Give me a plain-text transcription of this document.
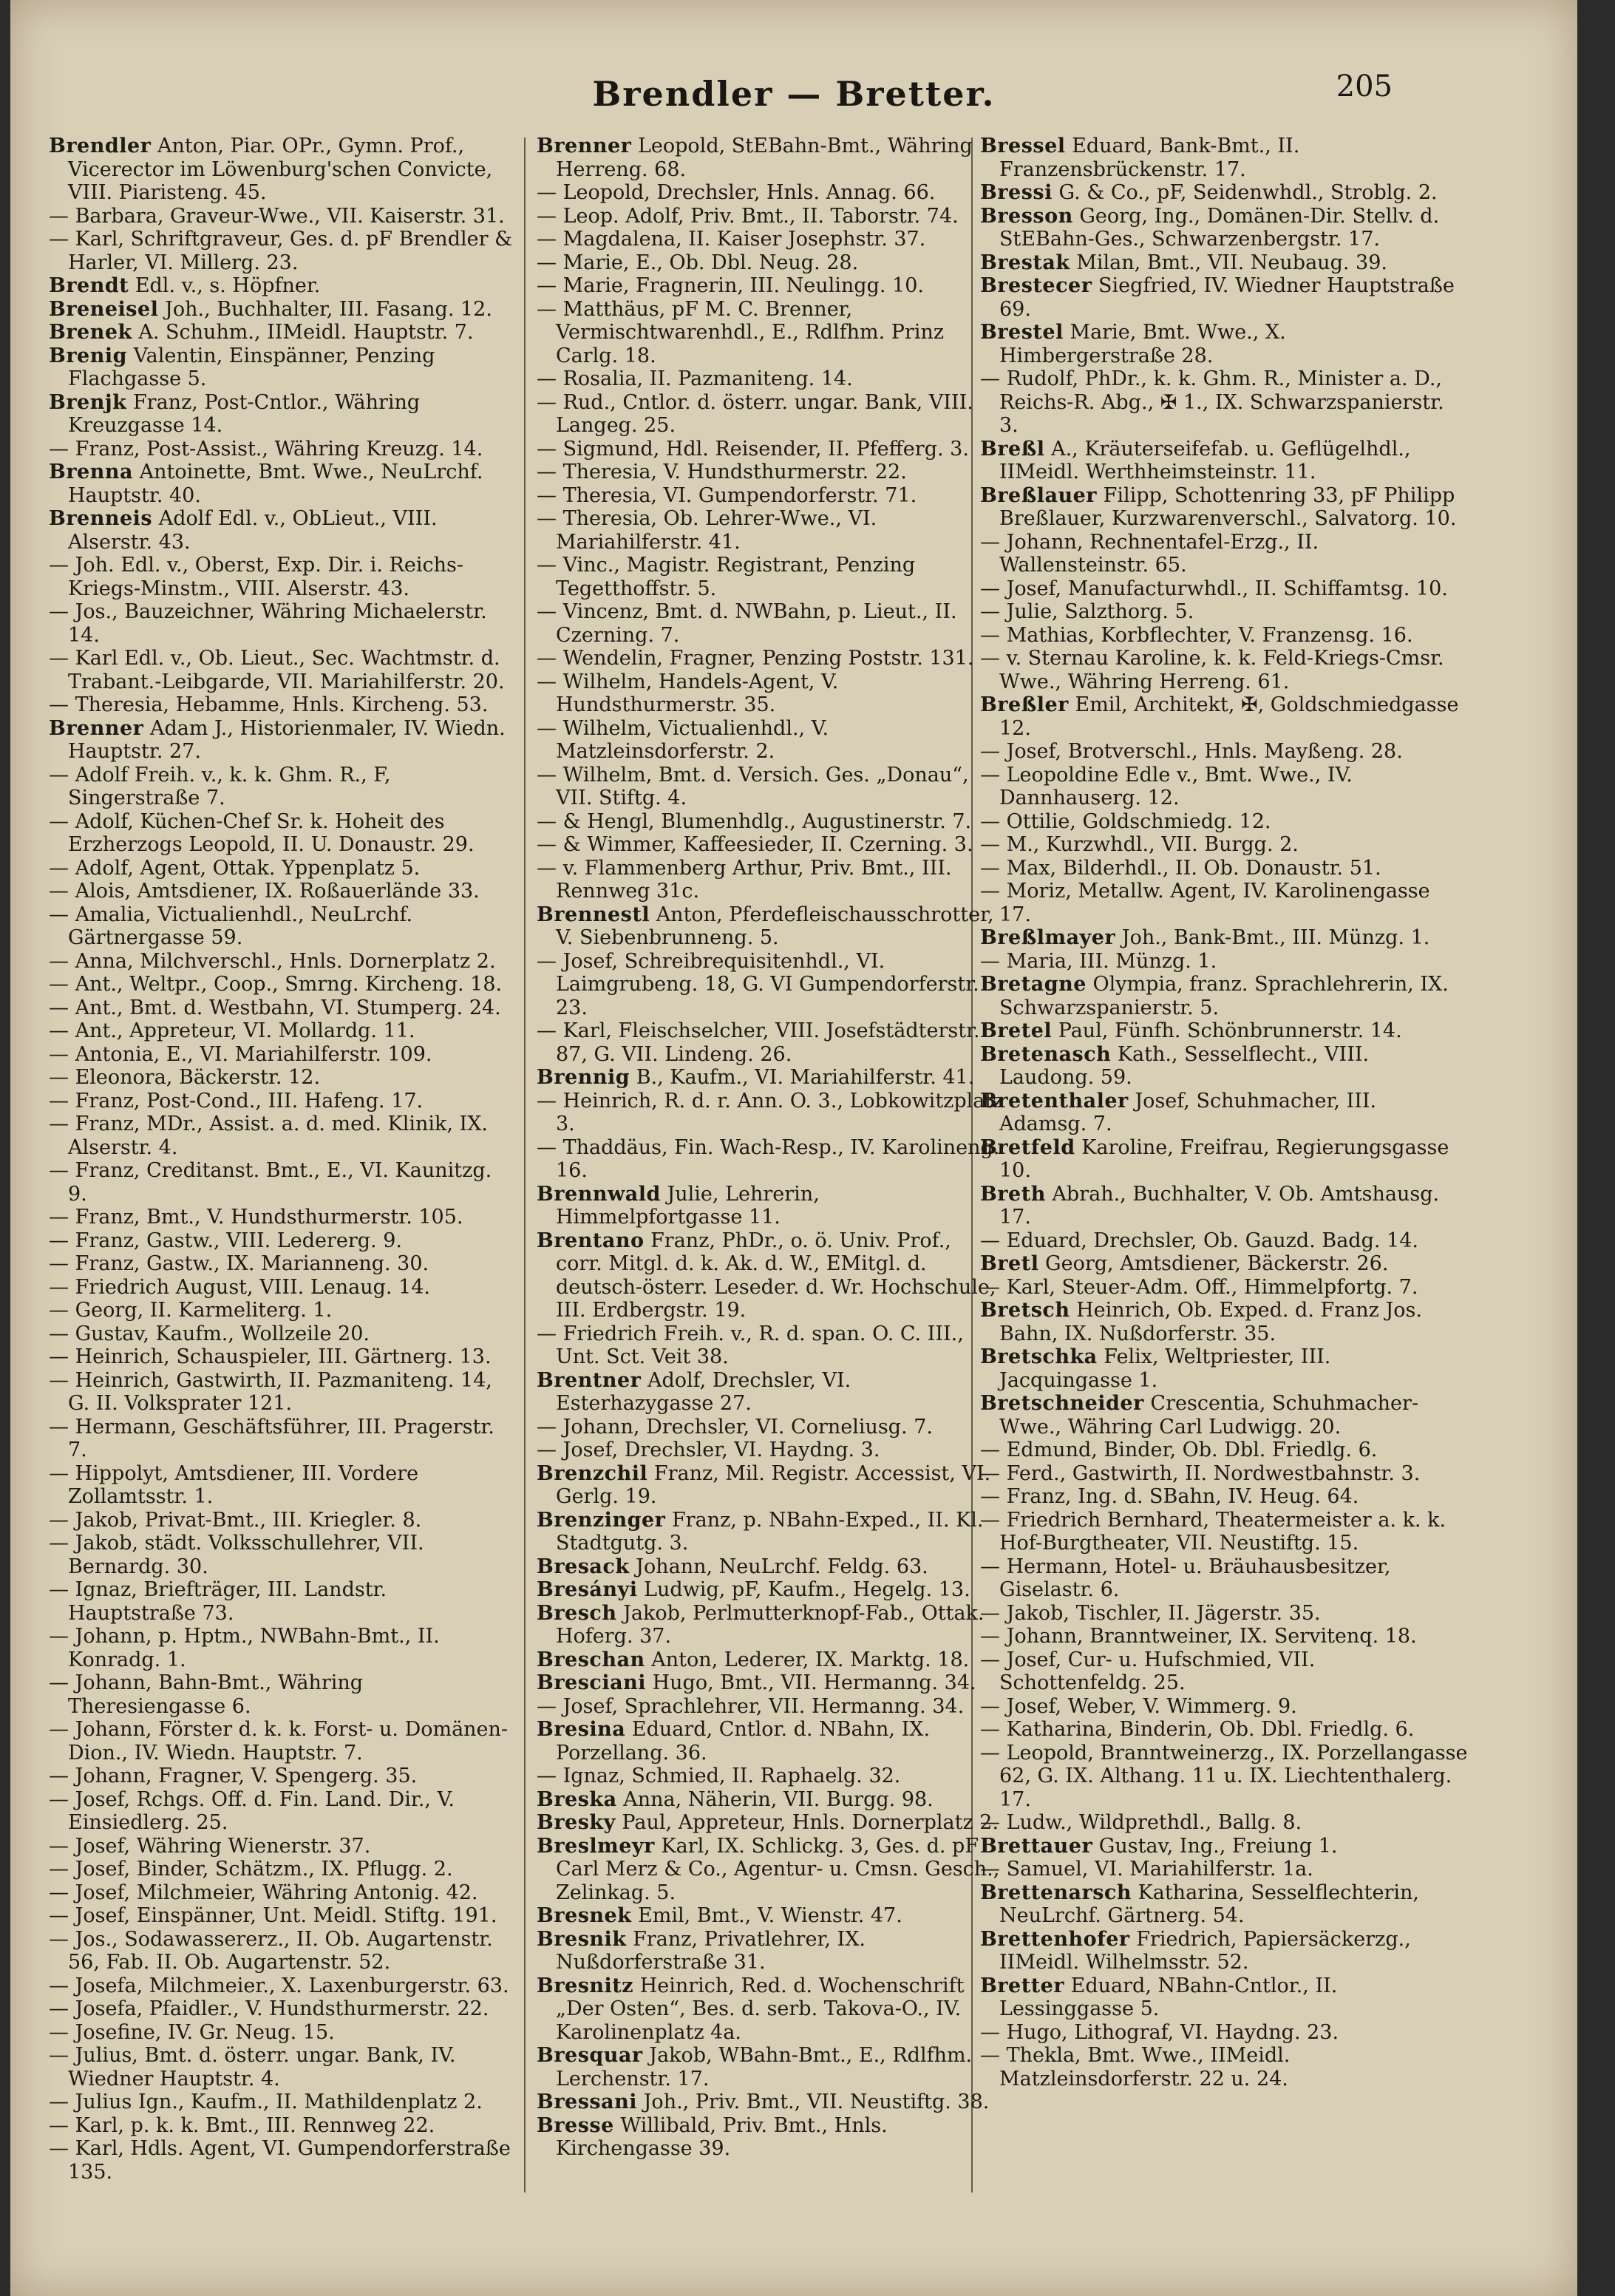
Brendler — Bretter.	205
Brendler Anton, Piar. OPr., Gymn. Prof., Vicerector im Löwenburg'schen Convicte, VIII. Piaristeng. 45.
— Barbara, Graveur-Wwe., VII. Kaiserstr. 31.
— Karl, Schriftgraveur, Ges. d. pF Brendler & Harler, VI. Millerg. 23.
Brendt Edl. v., s. Höpfner.
Breneisel Joh., Buchhalter, III. Fasang. 12.
Brenek A. Schuhm., IIMeidl. Hauptstr. 7.
Brenig Valentin, Einspänner, Penzing Flachgasse 5.
Brenjk Franz, Post-Cntlor., Währing Kreuzgasse 14.
— Franz, Post-Assist., Währing Kreuzg. 14.
Brenna Antoinette, Bmt. Wwe., NeuLrchf. Hauptstr. 40.
Brenneis Adolf Edl. v., ObLieut., VIII. Alserstr. 43.
— Joh. Edl. v., Oberst, Exp. Dir. i. Reichs-Kriegs-Minstm., VIII. Alserstr. 43.
— Jos., Bauzeichner, Währing Michaelerstr. 14.
— Karl Edl. v., Ob. Lieut., Sec. Wachtmstr. d. Trabant.-Leibgarde, VII. Mariahilferstr. 20.
— Theresia, Hebamme, Hnls. Kircheng. 53.
Brenner Adam J., Historienmaler, IV. Wiedn. Hauptstr. 27.
— Adolf Freih. v., k. k. Ghm. R., F, Singerstraße 7.
— Adolf, Küchen-Chef Sr. k. Hoheit des Erzherzogs Leopold, II. U. Donaustr. 29.
— Adolf, Agent, Ottak. Yppenplatz 5.
— Alois, Amtsdiener, IX. Roßauerlände 33.
— Amalia, Victualienhdl., NeuLrchf. Gärtnergasse 59.
— Anna, Milchverschl., Hnls. Dornerplatz 2.
— Ant., Weltpr., Coop., Smrng. Kircheng. 18.
— Ant., Bmt. d. Westbahn, VI. Stumperg. 24.
— Ant., Appreteur, VI. Mollardg. 11.
— Antonia, E., VI. Mariahilferstr. 109.
— Eleonora, Bäckerstr. 12.
— Franz, Post-Cond., III. Hafeng. 17.
— Franz, MDr., Assist. a. d. med. Klinik, IX. Alserstr. 4.
— Franz, Creditanst. Bmt., E., VI. Kaunitzg. 9.
— Franz, Bmt., V. Hundsthurmerstr. 105.
— Franz, Gastw., VIII. Ledererg. 9.
— Franz, Gastw., IX. Marianneng. 30.
— Friedrich August, VIII. Lenaug. 14.
— Georg, II. Karmeliterg. 1.
— Gustav, Kaufm., Wollzeile 20.
— Heinrich, Schauspieler, III. Gärtnerg. 13.
— Heinrich, Gastwirth, II. Pazmaniteng. 14, G. II. Volksprater 121.
— Hermann, Geschäftsführer, III. Pragerstr. 7.
— Hippolyt, Amtsdiener, III. Vordere Zollamtsstr. 1.
— Jakob, Privat-Bmt., III. Kriegler. 8.
— Jakob, städt. Volksschullehrer, VII. Bernardg. 30.
— Ignaz, Briefträger, III. Landstr. Hauptstraße 73.
— Johann, p. Hptm., NWBahn-Bmt., II. Konradg. 1.
— Johann, Bahn-Bmt., Währing Theresiengasse 6.
— Johann, Förster d. k. k. Forst- u. Domänen-Dion., IV. Wiedn. Hauptstr. 7.
— Johann, Fragner, V. Spengerg. 35.
— Josef, Rchgs. Off. d. Fin. Land. Dir., V. Einsiedlerg. 25.
— Josef, Währing Wienerstr. 37.
— Josef, Binder, Schätzm., IX. Pflugg. 2.
— Josef, Milchmeier, Währing Antonig. 42.
— Josef, Einspänner, Unt. Meidl. Stiftg. 191.
— Jos., Sodawassererz., II. Ob. Augartenstr. 56, Fab. II. Ob. Augartenstr. 52.
— Josefa, Milchmeier., X. Laxenburgerstr. 63.
— Josefa, Pfaidler., V. Hundsthurmerstr. 22.
— Josefine, IV. Gr. Neug. 15.
— Julius, Bmt. d. österr. ungar. Bank, IV. Wiedner Hauptstr. 4.
— Julius Ign., Kaufm., II. Mathildenplatz 2.
— Karl, p. k. k. Bmt., III. Rennweg 22.
— Karl, Hdls. Agent, VI. Gumpendorferstraße 135.
Brenner Leopold, StEBahn-Bmt., Währing Herreng. 68.
— Leopold, Drechsler, Hnls. Annag. 66.
— Leop. Adolf, Priv. Bmt., II. Taborstr. 74.
— Magdalena, II. Kaiser Josephstr. 37.
— Marie, E., Ob. Dbl. Neug. 28.
— Marie, Fragnerin, III. Neulingg. 10.
— Matthäus, pF M. C. Brenner, Vermischtwarenhdl., E., Rdlfhm. Prinz Carlg. 18.
— Rosalia, II. Pazmaniteng. 14.
— Rud., Cntlor. d. österr. ungar. Bank, VIII. Langeg. 25.
— Sigmund, Hdl. Reisender, II. Pfefferg. 3.
— Theresia, V. Hundsthurmerstr. 22.
— Theresia, VI. Gumpendorferstr. 71.
— Theresia, Ob. Lehrer-Wwe., VI. Mariahilferstr. 41.
— Vinc., Magistr. Registrant, Penzing Tegetthoffstr. 5.
— Vincenz, Bmt. d. NWBahn, p. Lieut., II. Czerning. 7.
— Wendelin, Fragner, Penzing Poststr. 131.
— Wilhelm, Handels-Agent, V. Hundsthurmerstr. 35.
— Wilhelm, Victualienhdl., V. Matzleinsdorferstr. 2.
— Wilhelm, Bmt. d. Versich. Ges. „Donau“, VII. Stiftg. 4.
— & Hengl, Blumenhdlg., Augustinerstr. 7.
— & Wimmer, Kaffeesieder, II. Czerning. 3.
— v. Flammenberg Arthur, Priv. Bmt., III. Rennweg 31c.
Brennestl Anton, Pferdefleischausschrotter, V. Siebenbrunneng. 5.
— Josef, Schreibrequisitenhdl., VI. Laimgrubeng. 18, G. VI Gumpendorferstr. 23.
— Karl, Fleischselcher, VIII. Josefstädterstr. 87, G. VII. Lindeng. 26.
Brennig B., Kaufm., VI. Mariahilferstr. 41.
— Heinrich, R. d. r. Ann. O. 3., Lobkowitzplatz 3.
— Thaddäus, Fin. Wach-Resp., IV. Karolineng. 16.
Brennwald Julie, Lehrerin, Himmelpfortgasse 11.
Brentano Franz, PhDr., o. ö. Univ. Prof., corr. Mitgl. d. k. Ak. d. W., EMitgl. d. deutsch-österr. Leseder. d. Wr. Hochschule, III. Erdbergstr. 19.
— Friedrich Freih. v., R. d. span. O. C. III., Unt. Sct. Veit 38.
Brentner Adolf, Drechsler, VI. Esterhazygasse 27.
— Johann, Drechsler, VI. Corneliusg. 7.
— Josef, Drechsler, VI. Haydng. 3.
Brenzchil Franz, Mil. Registr. Accessist, VI. Gerlg. 19.
Brenzinger Franz, p. NBahn-Exped., II. Kl. Stadtgutg. 3.
Bresack Johann, NeuLrchf. Feldg. 63.
Bresányi Ludwig, pF, Kaufm., Hegelg. 13.
Bresch Jakob, Perlmutterknopf-Fab., Ottak. Hoferg. 37.
Breschan Anton, Lederer, IX. Marktg. 18.
Bresciani Hugo, Bmt., VII. Hermanng. 34.
— Josef, Sprachlehrer, VII. Hermanng. 34.
Bresina Eduard, Cntlor. d. NBahn, IX. Porzellang. 36.
— Ignaz, Schmied, II. Raphaelg. 32.
Breska Anna, Näherin, VII. Burgg. 98.
Bresky Paul, Appreteur, Hnls. Dornerplatz 2.
Breslmeyr Karl, IX. Schlickg. 3, Ges. d. pF Carl Merz & Co., Agentur- u. Cmsn. Gesch., Zelinkag. 5.
Bresnek Emil, Bmt., V. Wienstr. 47.
Bresnik Franz, Privatlehrer, IX. Nußdorferstraße 31.
Bresnitz Heinrich, Red. d. Wochenschrift „Der Osten“, Bes. d. serb. Takova-O., IV. Karolinenplatz 4a.
Bresquar Jakob, WBahn-Bmt., E., Rdlfhm. Lerchenstr. 17.
Bressani Joh., Priv. Bmt., VII. Neustiftg. 38.
Bresse Willibald, Priv. Bmt., Hnls. Kirchengasse 39.
Bressel Eduard, Bank-Bmt., II. Franzensbrückenstr. 17.
Bressi G. & Co., pF, Seidenwhdl., Stroblg. 2.
Bresson Georg, Ing., Domänen-Dir. Stellv. d. StEBahn-Ges., Schwarzenbergstr. 17.
Brestak Milan, Bmt., VII. Neubaug. 39.
Brestecer Siegfried, IV. Wiedner Hauptstraße 69.
Brestel Marie, Bmt. Wwe., X. Himbergerstraße 28.
— Rudolf, PhDr., k. k. Ghm. R., Minister a. D., Reichs-R. Abg., ✠ 1., IX. Schwarzspanierstr. 3.
Breßl A., Kräuterseifefab. u. Geflügelhdl., IIMeidl. Werthheimsteinstr. 11.
Breßlauer Filipp, Schottenring 33, pF Philipp Breßlauer, Kurzwarenverschl., Salvatorg. 10.
— Johann, Rechnentafel-Erzg., II. Wallensteinstr. 65.
— Josef, Manufacturwhdl., II. Schiffamtsg. 10.
— Julie, Salzthorg. 5.
— Mathias, Korbflechter, V. Franzensg. 16.
— v. Sternau Karoline, k. k. Feld-Kriegs-Cmsr. Wwe., Währing Herreng. 61.
Breßler Emil, Architekt, ✠, Goldschmiedgasse 12.
— Josef, Brotverschl., Hnls. Mayßeng. 28.
— Leopoldine Edle v., Bmt. Wwe., IV. Dannhauserg. 12.
— Ottilie, Goldschmiedg. 12.
— M., Kurzwhdl., VII. Burgg. 2.
— Max, Bilderhdl., II. Ob. Donaustr. 51.
— Moriz, Metallw. Agent, IV. Karolinengasse 17.
Breßlmayer Joh., Bank-Bmt., III. Münzg. 1.
— Maria, III. Münzg. 1.
Bretagne Olympia, franz. Sprachlehrerin, IX. Schwarzspanierstr. 5.
Bretel Paul, Fünfh. Schönbrunnerstr. 14.
Bretenasch Kath., Sesselflecht., VIII. Laudong. 59.
Bretenthaler Josef, Schuhmacher, III. Adamsg. 7.
Bretfeld Karoline, Freifrau, Regierungsgasse 10.
Breth Abrah., Buchhalter, V. Ob. Amtshausg. 17.
— Eduard, Drechsler, Ob. Gauzd. Badg. 14.
Bretl Georg, Amtsdiener, Bäckerstr. 26.
— Karl, Steuer-Adm. Off., Himmelpfortg. 7.
Bretsch Heinrich, Ob. Exped. d. Franz Jos. Bahn, IX. Nußdorferstr. 35.
Bretschka Felix, Weltpriester, III. Jacquingasse 1.
Bretschneider Crescentia, Schuhmacher-Wwe., Währing Carl Ludwigg. 20.
— Edmund, Binder, Ob. Dbl. Friedlg. 6.
— Ferd., Gastwirth, II. Nordwestbahnstr. 3.
— Franz, Ing. d. SBahn, IV. Heug. 64.
— Friedrich Bernhard, Theatermeister a. k. k. Hof-Burgtheater, VII. Neustiftg. 15.
— Hermann, Hotel- u. Bräuhausbesitzer, Giselastr. 6.
— Jakob, Tischler, II. Jägerstr. 35.
— Johann, Branntweiner, IX. Servitenq. 18.
— Josef, Cur- u. Hufschmied, VII. Schottenfeldg. 25.
— Josef, Weber, V. Wimmerg. 9.
— Katharina, Binderin, Ob. Dbl. Friedlg. 6.
— Leopold, Branntweinerzg., IX. Porzellangasse 62, G. IX. Althang. 11 u. IX. Liechtenthalerg. 17.
— Ludw., Wildprethdl., Ballg. 8.
Brettauer Gustav, Ing., Freiung 1.
— Samuel, VI. Mariahilferstr. 1a.
Brettenarsch Katharina, Sesselflechterin, NeuLrchf. Gärtnerg. 54.
Brettenhofer Friedrich, Papiersäckerzg., IIMeidl. Wilhelmsstr. 52.
Bretter Eduard, NBahn-Cntlor., II. Lessinggasse 5.
— Hugo, Lithograf, VI. Haydng. 23.
— Thekla, Bmt. Wwe., IIMeidl. Matzleinsdorferstr. 22 u. 24.
